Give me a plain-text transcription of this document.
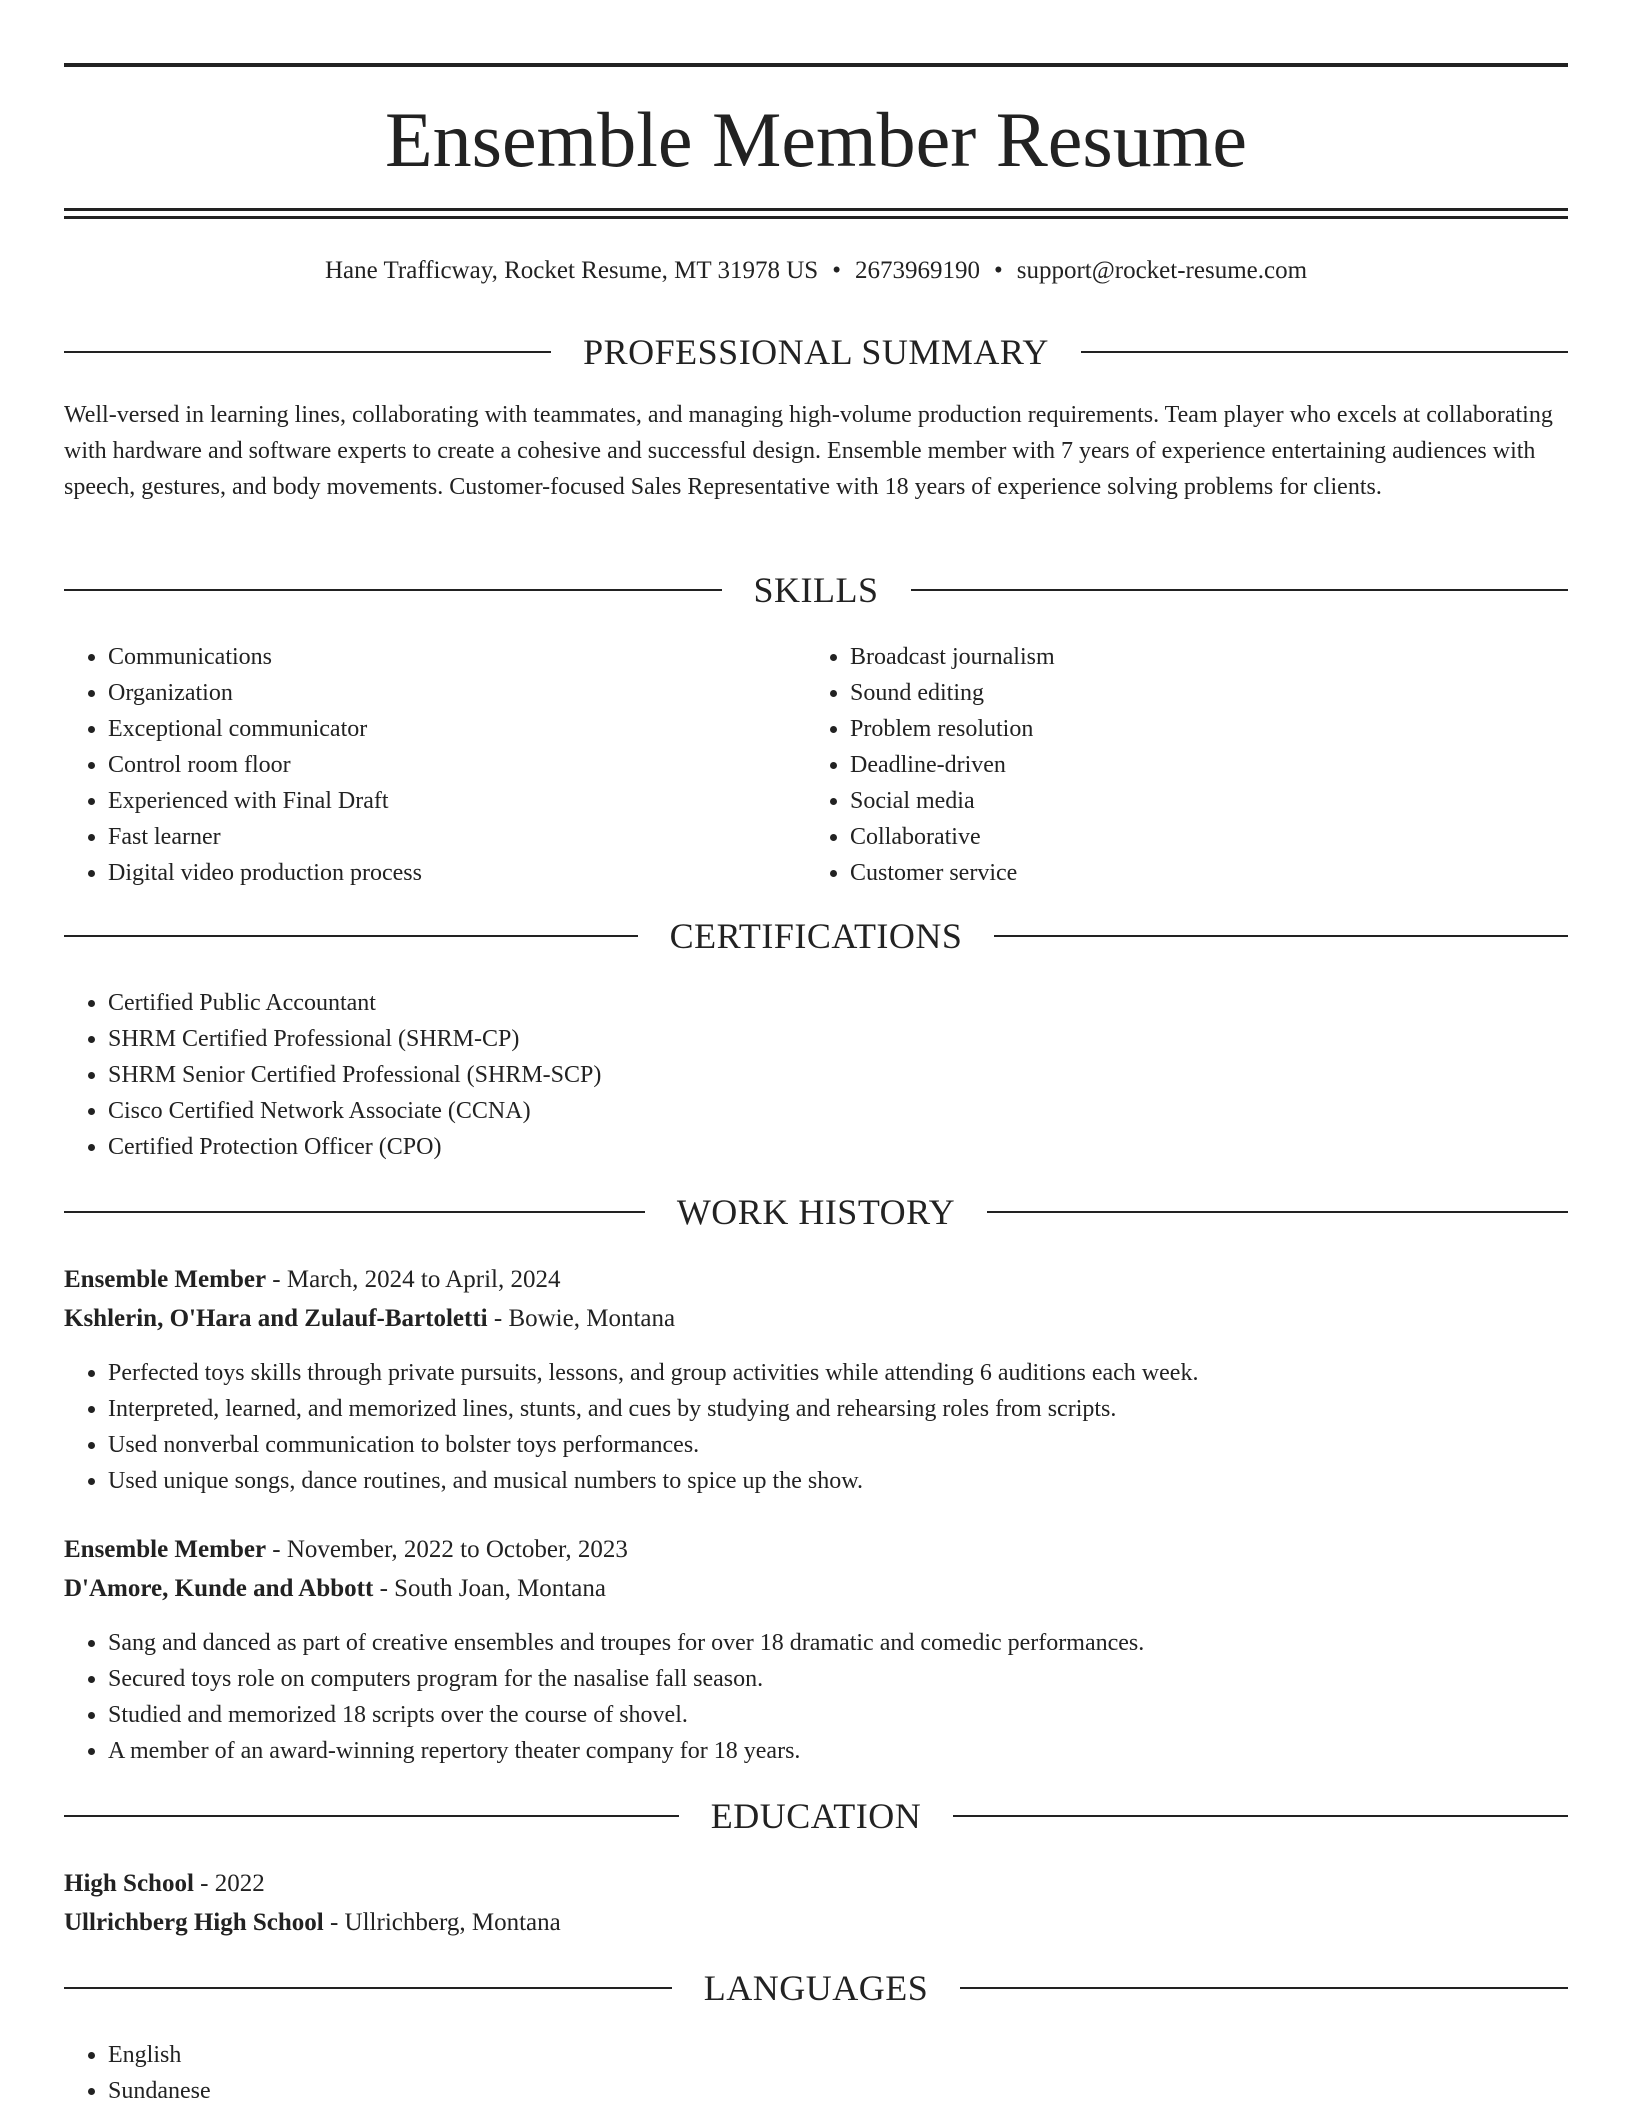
Ensemble Member Resume
Hane Trafficway, Rocket Resume, MT 31978 US • 2673969190 • support@rocket-resume.com
PROFESSIONAL SUMMARY

Well-versed in learning lines, collaborating with teammates, and managing high-volume production requirements. Team player who excels at collaborating with hardware and software experts to create a cohesive and successful design. Ensemble member with 7 years of experience entertaining audiences with speech, gestures, and body movements. Customer-focused Sales Representative with 18 years of experience solving problems for clients.

SKILLS
• Communications
• Organization
• Exceptional communicator
• Control room floor
• Experienced with Final Draft
• Fast learner
• Digital video production process
• Broadcast journalism
• Sound editing
• Problem resolution
• Deadline-driven
• Social media
• Collaborative
• Customer service
CERTIFICATIONS
• Certified Public Accountant
• SHRM Certified Professional (SHRM-CP)
• SHRM Senior Certified Professional (SHRM-SCP)
• Cisco Certified Network Associate (CCNA)
• Certified Protection Officer (CPO)
WORK HISTORY
Ensemble Member - March, 2024 to April, 2024
Kshlerin, O'Hara and Zulauf-Bartoletti - Bowie, Montana
• Perfected toys skills through private pursuits, lessons, and group activities while attending 6 auditions each week.
• Interpreted, learned, and memorized lines, stunts, and cues by studying and rehearsing roles from scripts.
• Used nonverbal communication to bolster toys performances.
• Used unique songs, dance routines, and musical numbers to spice up the show.
Ensemble Member - November, 2022 to October, 2023
D'Amore, Kunde and Abbott - South Joan, Montana
• Sang and danced as part of creative ensembles and troupes for over 18 dramatic and comedic performances.
• Secured toys role on computers program for the nasalise fall season.
• Studied and memorized 18 scripts over the course of shovel.
• A member of an award-winning repertory theater company for 18 years.
EDUCATION
High School - 2022
Ullrichberg High School - Ullrichberg, Montana
LANGUAGES
• English
• Sundanese
